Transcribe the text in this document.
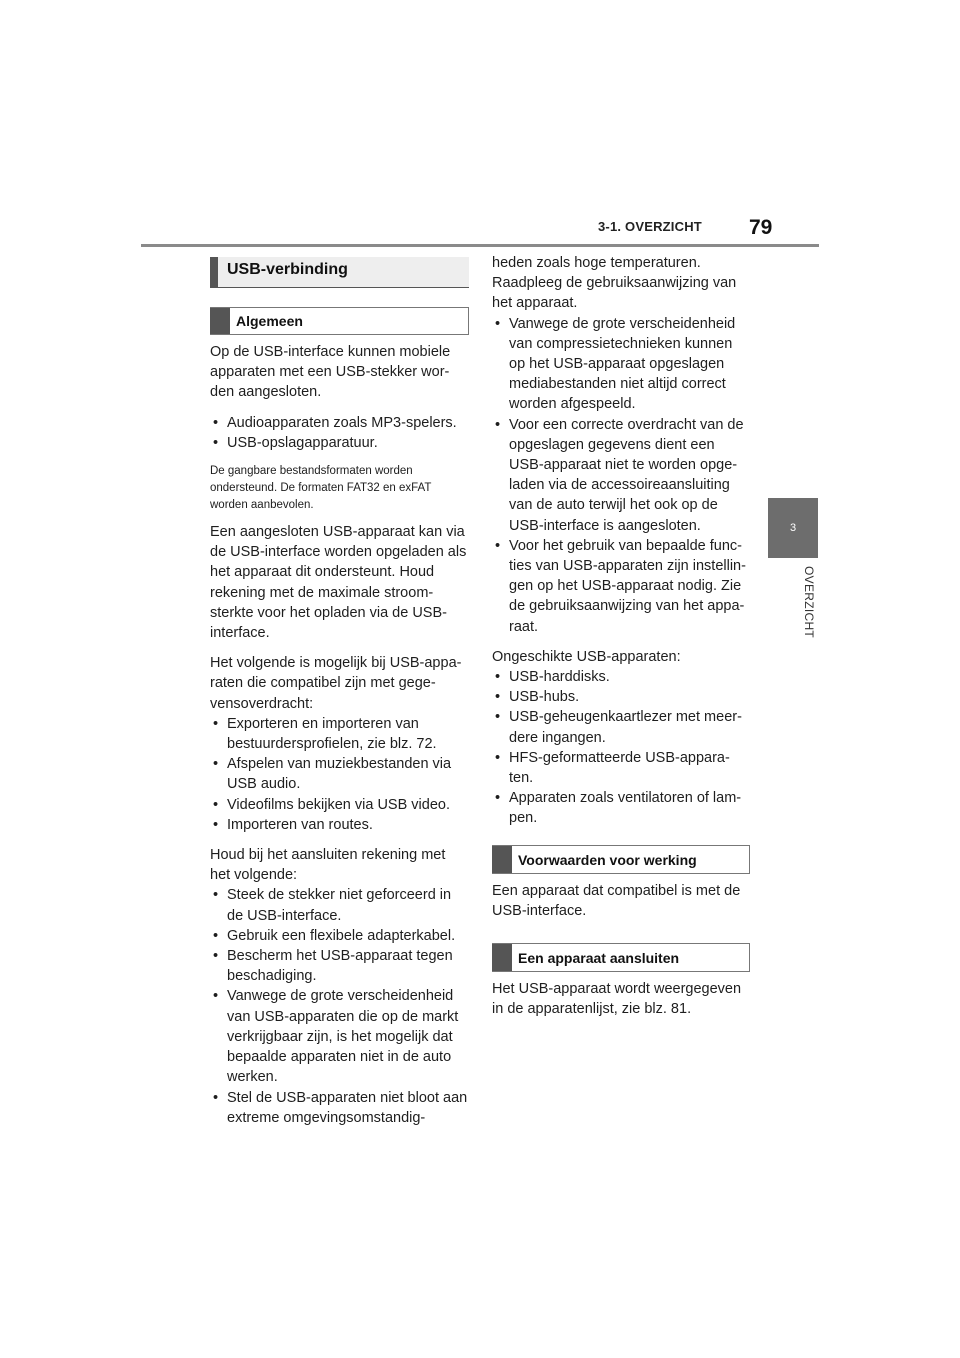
3-1. OVERZICHT 79
3
OVERZICHT
USB-verbinding
Algemeen

Op de USB-interface kunnen mobiele apparaten met een USB-stekker wor-den aangesloten.

• Audioapparaten zoals MP3-spelers.
• USB-opslagapparatuur.

De gangbare bestandsformaten worden ondersteund. De formaten FAT32 en exFAT worden aanbevolen.

Een aangesloten USB-apparaat kan via de USB-interface worden opgeladen als het apparaat dit ondersteunt. Houd rekening met de maximale stroom-sterkte voor het opladen via de USB-interface.

Het volgende is mogelijk bij USB-appa-raten die compatibel zijn met gege-vensoverdracht:

• Exporteren en importeren van bestuurdersprofielen, zie blz. 72.
• Afspelen van muziekbestanden via USB audio.
• Videofilms bekijken via USB video.
• Importeren van routes.

Houd bij het aansluiten rekening met het volgende:

• Steek de stekker niet geforceerd in de USB-interface.
• Gebruik een flexibele adapterkabel.
• Bescherm het USB-apparaat tegen beschadiging.
• Vanwege de grote verscheidenheid van USB-apparaten die op de markt verkrijgbaar zijn, is het mogelijk dat bepaalde apparaten niet in de auto werken.
• Stel de USB-apparaten niet bloot aan extreme omgevingsomstandig-

heden zoals hoge temperaturen. Raadpleeg de gebruiksaanwijzing van het apparaat.

• Vanwege de grote verscheidenheid van compressietechnieken kunnen op het USB-apparaat opgeslagen mediabestanden niet altijd correct worden afgespeeld.
• Voor een correcte overdracht van de opgeslagen gegevens dient een USB-apparaat niet te worden opge-laden via de accessoireaansluiting van de auto terwijl het ook op de USB-interface is aangesloten.
• Voor het gebruik van bepaalde func-ties van USB-apparaten zijn instellin-gen op het USB-apparaat nodig. Zie de gebruiksaanwijzing van het appa-raat.

Ongeschikte USB-apparaten:

• USB-harddisks.
• USB-hubs.
• USB-geheugenkaartlezer met meer-dere ingangen.
• HFS-geformatteerde USB-appara-ten.
• Apparaten zoals ventilatoren of lam-pen.
Voorwaarden voor werking

Een apparaat dat compatibel is met de USB-interface.

Een apparaat aansluiten

Het USB-apparaat wordt weergegeven in de apparatenlijst, zie blz. 81.
